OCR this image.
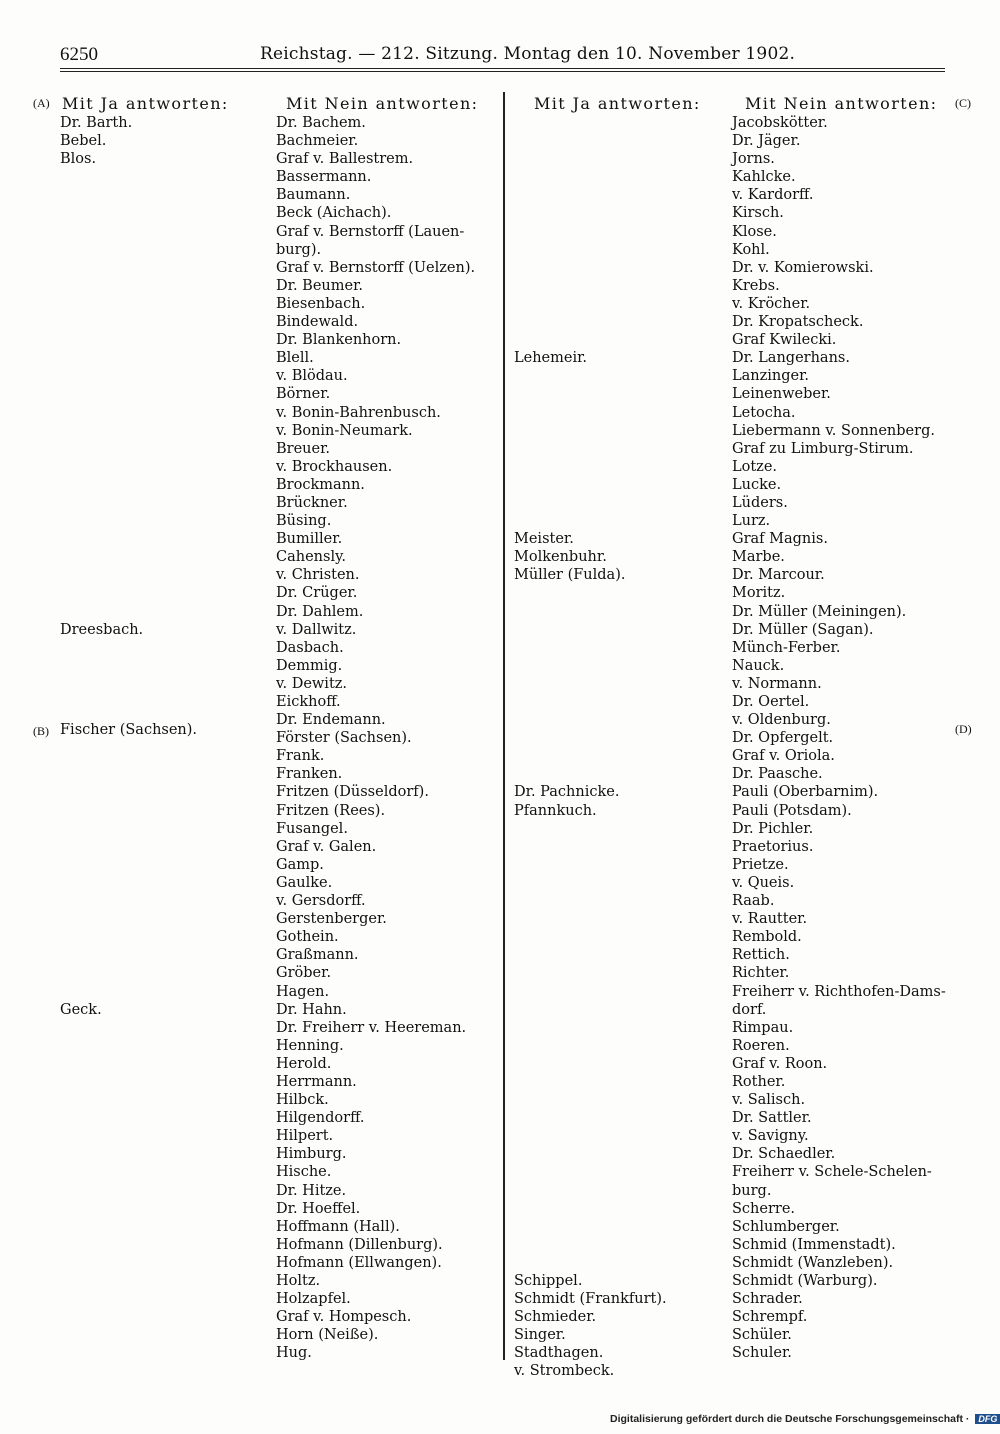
6250	Reichstag. — 212. Sitzung. Montag den 10. November 1902.
(A)
(B)
(C)
(D)
Mit Ja antworten:	Mit Nein antworten:	Mit Ja antworten:	Mit Nein antworten:
Dr. Barth.
Bebel.
Blos.
Dreesbach.
Geck.
Fischer (Sachsen).
Dr. Bachem.
Bachmeier.
Graf v. Ballestrem.
Bassermann.
Baumann.
Beck (Aichach).
Graf v. Bernstorff (Lauen-
burg).
Graf v. Bernstorff (Uelzen).
Dr. Beumer.
Biesenbach.
Bindewald.
Dr. Blankenhorn.
Blell.
v. Blödau.
Börner.
v. Bonin-Bahrenbusch.
v. Bonin-Neumark.
Breuer.
v. Brockhausen.
Brockmann.
Brückner.
Büsing.
Bumiller.
Cahensly.
v. Christen.
Dr. Crüger.
Dr. Dahlem.
v. Dallwitz.
Dasbach.
Demmig.
v. Dewitz.
Eickhoff.
Dr. Endemann.
Förster (Sachsen).
Frank.
Franken.
Fritzen (Düsseldorf).
Fritzen (Rees).
Fusangel.
Graf v. Galen.
Gamp.
Gaulke.
v. Gersdorff.
Gerstenberger.
Gothein.
Graßmann.
Gröber.
Hagen.
Dr. Hahn.
Dr. Freiherr v. Heereman.
Henning.
Herold.
Herrmann.
Hilbck.
Hilgendorff.
Hilpert.
Himburg.
Hische.
Dr. Hitze.
Dr. Hoeffel.
Hoffmann (Hall).
Hofmann (Dillenburg).
Hofmann (Ellwangen).
Holtz.
Holzapfel.
Graf v. Hompesch.
Horn (Neiße).
Hug.
Lehemeir.
Meister.
Molkenbuhr.
Müller (Fulda).
Dr. Pachnicke.
Pfannkuch.
Schippel.
Schmidt (Frankfurt).
Schmieder.
Singer.
Stadthagen.
v. Strombeck.
Jacobskötter.
Dr. Jäger.
Jorns.
Kahlcke.
v. Kardorff.
Kirsch.
Klose.
Kohl.
Dr. v. Komierowski.
Krebs.
v. Kröcher.
Dr. Kropatscheck.
Graf Kwilecki.
Dr. Langerhans.
Lanzinger.
Leinenweber.
Letocha.
Liebermann v. Sonnenberg.
Graf zu Limburg-Stirum.
Lotze.
Lucke.
Lüders.
Lurz.
Graf Magnis.
Marbe.
Dr. Marcour.
Moritz.
Dr. Müller (Meiningen).
Dr. Müller (Sagan).
Münch-Ferber.
Nauck.
v. Normann.
Dr. Oertel.
v. Oldenburg.
Dr. Opfergelt.
Graf v. Oriola.
Dr. Paasche.
Pauli (Oberbarnim).
Pauli (Potsdam).
Dr. Pichler.
Praetorius.
Prietze.
v. Queis.
Raab.
v. Rautter.
Rembold.
Rettich.
Richter.
Freiherr v. Richthofen-Dams-
dorf.
Rimpau.
Roeren.
Graf v. Roon.
Rother.
v. Salisch.
Dr. Sattler.
v. Savigny.
Dr. Schaedler.
Freiherr v. Schele-Schelen-
burg.
Scherre.
Schlumberger.
Schmid (Immenstadt).
Schmidt (Wanzleben).
Schmidt (Warburg).
Schrader.
Schrempf.
Schüler.
Schuler.
Digitalisierung gefördert durch die Deutsche Forschungsgemeinschaft · DFG
